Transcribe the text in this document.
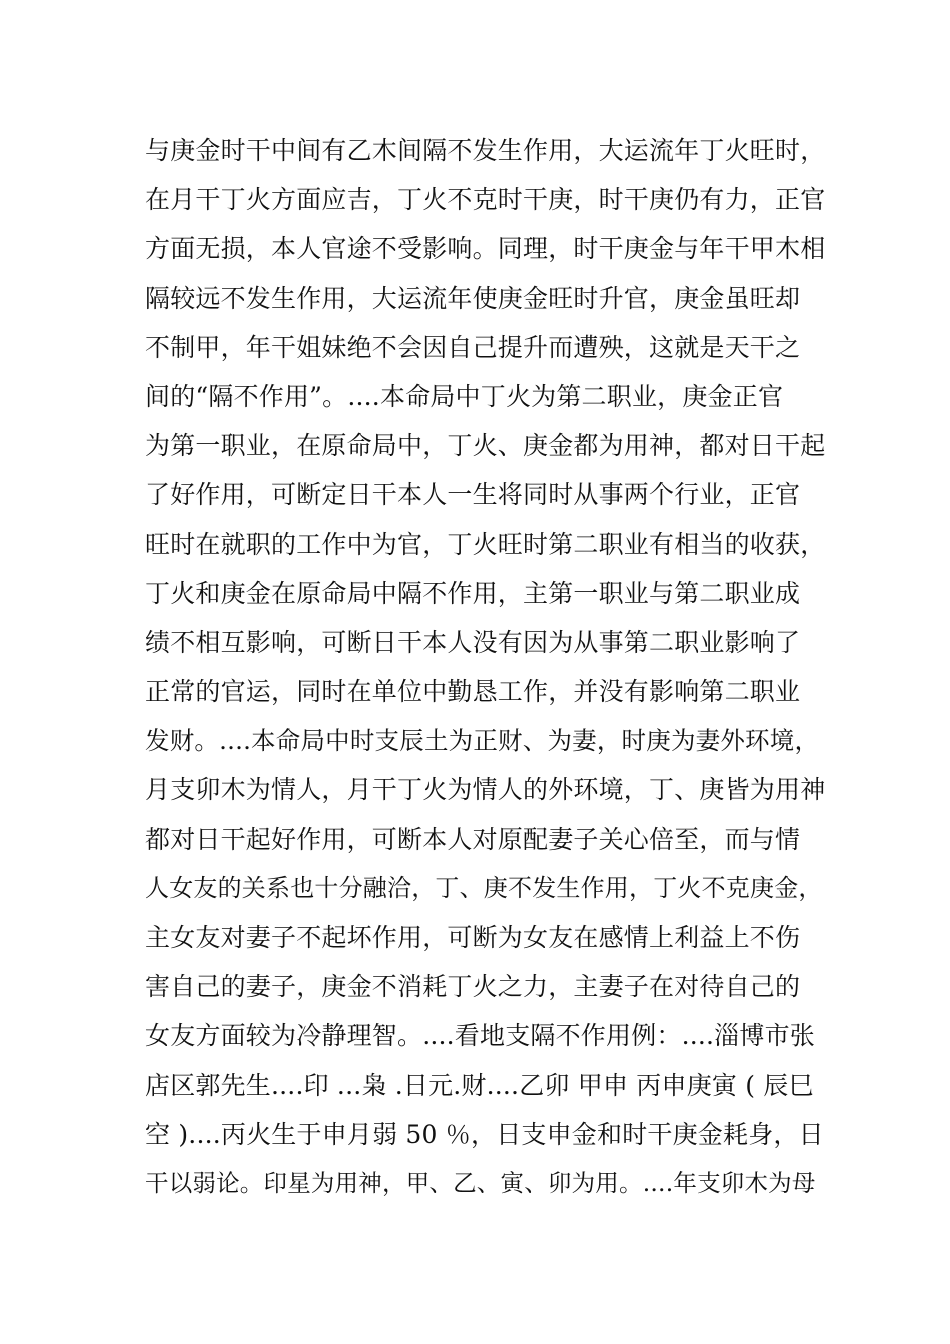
与庚金时干中间有乙木间隔不发生作用，大运流年丁火旺时，
在月干丁火方面应吉，丁火不克时干庚，时干庚仍有力，正官
方面无损，本人官途不受影响。同理，时干庚金与年干甲木相
隔较远不发生作用，大运流年使庚金旺时升官，庚金虽旺却
不制甲，年干姐妹绝不会因自己提升而遭殃，这就是天干之
间的“隔不作用”。....本命局中丁火为第二职业，庚金正官
为第一职业，在原命局中，丁火、庚金都为用神，都对日干起
了好作用，可断定日干本人一生将同时从事两个行业，正官
旺时在就职的工作中为官，丁火旺时第二职业有相当的收获，
丁火和庚金在原命局中隔不作用，主第一职业与第二职业成
绩不相互影响，可断日干本人没有因为从事第二职业影响了
正常的官运，同时在单位中勤恳工作，并没有影响第二职业
发财。....本命局中时支辰土为正财、为妻，时庚为妻外环境，
月支卯木为情人，月干丁火为情人的外环境，丁、庚皆为用神
都对日干起好作用，可断本人对原配妻子关心倍至，而与情
人女友的关系也十分融洽，丁、庚不发生作用，丁火不克庚金，
主女友对妻子不起坏作用，可断为女友在感情上利益上不伤
害自己的妻子，庚金不消耗丁火之力，主妻子在对待自己的
女友方面较为冷静理智。....看地支隔不作用例：....淄博市张
店区郭先生....印 ...枭 .日元.财....乙卯 甲申 丙申庚寅 ( 辰巳
空 )....丙火生于申月弱 50 ％，日支申金和时干庚金耗身，日
干以弱论。印星为用神，甲、乙、寅、卯为用。....年支卯木为母
